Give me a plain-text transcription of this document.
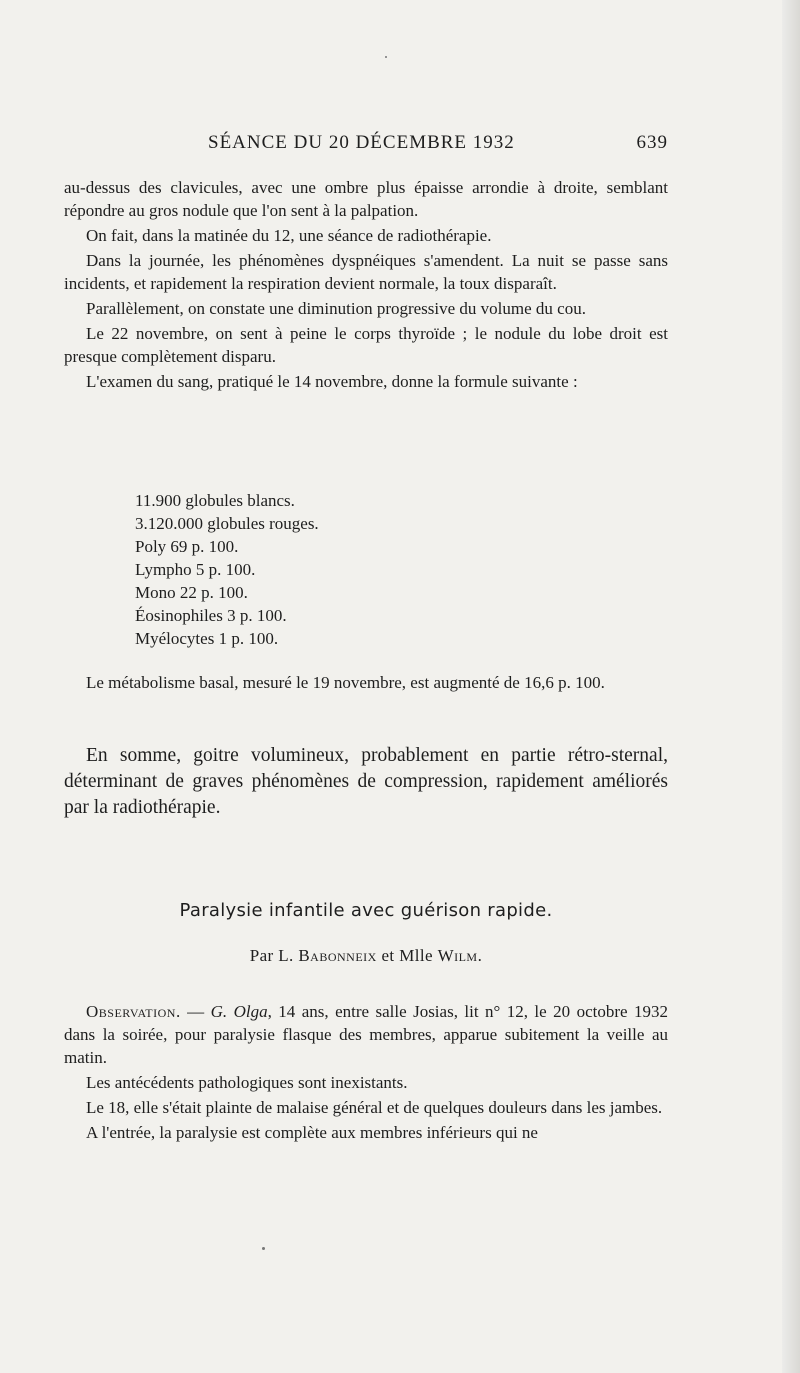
SÉANCE DU 20 DÉCEMBRE 1932	639

au-dessus des clavicules, avec une ombre plus épaisse arrondie à droite, semblant répondre au gros nodule que l'on sent à la palpation.

On fait, dans la matinée du 12, une séance de radiothérapie.

Dans la journée, les phénomènes dyspnéiques s'amendent. La nuit se passe sans incidents, et rapidement la respiration devient normale, la toux disparaît.

Parallèlement, on constate une diminution progressive du volume du cou.

Le 22 novembre, on sent à peine le corps thyroïde ; le nodule du lobe droit est presque complètement disparu.

L'examen du sang, pratiqué le 14 novembre, donne la formule suivante :

11.900 globules blancs.
3.120.000 globules rouges.
Poly 69 p. 100.
Lympho 5 p. 100.
Mono 22 p. 100.
Éosinophiles 3 p. 100.
Myélocytes 1 p. 100.

Le métabolisme basal, mesuré le 19 novembre, est augmenté de 16,6 p. 100.

En somme, goitre volumineux, probablement en partie rétro-sternal, déterminant de graves phénomènes de compression, rapidement améliorés par la radiothérapie.

Paralysie infantile avec guérison rapide.
Par L. Babonneix et Mlle Wilm.

Observation. — G. Olga, 14 ans, entre salle Josias, lit n° 12, le 20 octobre 1932 dans la soirée, pour paralysie flasque des membres, apparue subitement la veille au matin.

Les antécédents pathologiques sont inexistants.

Le 18, elle s'était plainte de malaise général et de quelques douleurs dans les jambes.

A l'entrée, la paralysie est complète aux membres inférieurs qui ne
